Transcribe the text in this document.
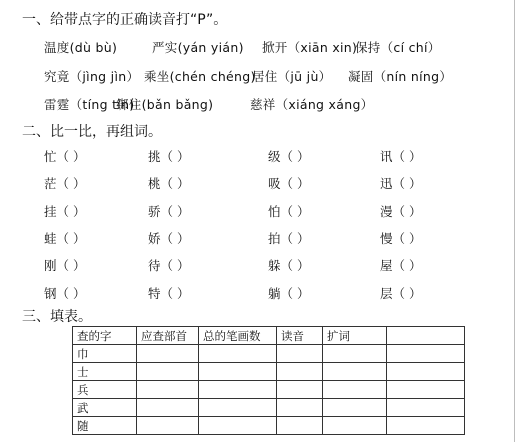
一、给带点字的正确读音打“P”。
温度(dù bù)	严实(yán yián) 掀开（xiān xin)
保持（cí chí）
究竟（jìng jìn） 乘坐(chén chéng)
居住（jū jù） 凝固（nín níng）
雷霆（tíng tín)
绑住(bǎn bǎng)	慈祥（xiáng xáng）
二、比一比，再组词。
忙（ ）	挑（ ）	级（ ）	讯（ ）
茫（ ）	桃（ ）	吸（ ）	迅（ ）
挂（ ）	骄（ ）	怕（ ）	漫（ ）
蛙（ ）	娇（ ）	拍（ ）	慢（ ）
刚（ ）	待（ ）	躲（ ）	屋（ ）
钢（ ）	特（ ）	躺（ ）	层（ ）
三、填表。
查的字	应查部首	总的笔画数	读音	扩词	
巾					
士					
兵					
武					
随					
